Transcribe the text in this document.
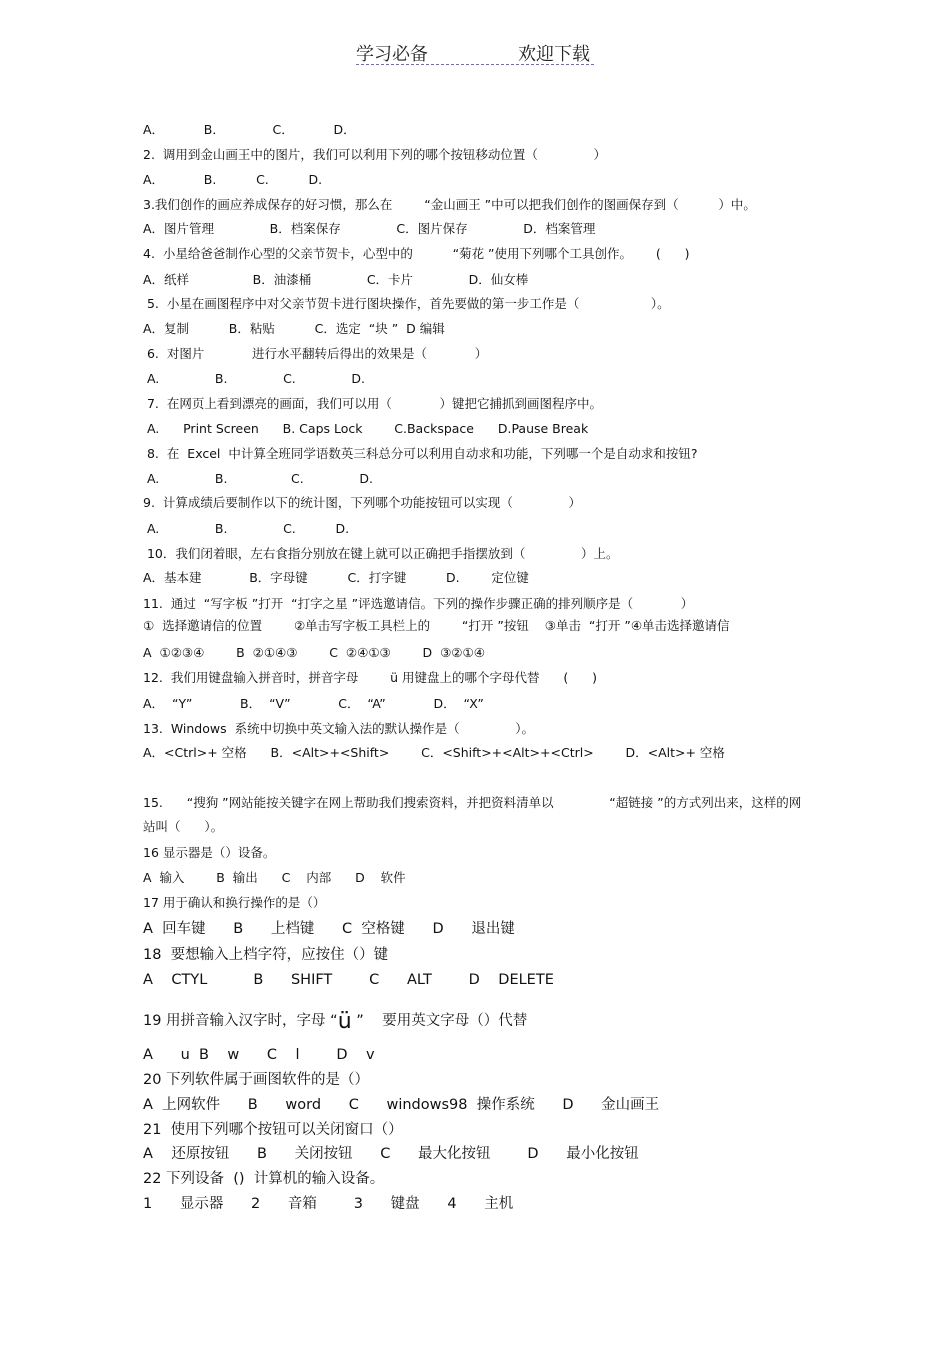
学习必备	欢迎下载
A．          B．            C．          D．
2.  调用到金山画王中的图片，我们可以利用下列的哪个按钮移动位置（              ）
A．          B.          C.          D.
3.我们创作的画应养成保存的好习惯，那么在        “金山画王 ”中可以把我们创作的图画保存到（          ）中。
A．图片管理              B．档案保存              C．图片保存              D．档案管理
4.  小星给爸爸制作心型的父亲节贺卡，心型中的          “菊花 ”使用下列哪个工具创作。      (      )
A．纸样                B．油漆桶              C．卡片              D．仙女棒
5.  小星在画图程序中对父亲节贺卡进行图块操作，首先要做的第一步工作是（                  ）。
A．复制          B．粘贴          C．选定  “块 ”  D 编辑
6.  对图片            进行水平翻转后得出的效果是（            ）
A.              B.              C.              D.
7.  在网页上看到漂亮的画面，我们可以用（            ）键把它捕抓到画图程序中。
A.      Print Screen      B. Caps Lock        C.Backspace      D.Pause Break
8.  在  Excel  中计算全班同学语数英三科总分可以利用自动求和功能，下列哪一个是自动求和按钮?
A.              B.                C.              D.
9.  计算成绩后要制作以下的统计图，下列哪个功能按钮可以实现（              ）
A.              B.              C.          D.
10．我们闭着眼，左右食指分别放在键上就可以正确把手指摆放到（              ）上。
A．基本建            B．字母键          C．打字键          D.        定位键
11.  通过  “写字板 ”打开  “打字之星 ”评选邀请信。下列的操作步骤正确的排列顺序是（            ）
①  选择邀请信的位置        ②单击写字板工具栏上的        “打开 ”按钮    ③单击  “打开 ”④单击选择邀请信
A  ①②③④        B  ②①④③        C  ②④①③        D  ③②①④
12.  我们用键盘输入拼音时，拼音字母        ü 用键盘上的哪个字母代替      (      )
A．  “Y”            B．  “V”            C．  “A”            D．  “X”
13.  Windows  系统中切换中英文输入法的默认操作是（              ）。
A．<Ctrl>+ 空格      B．<Alt>+<Shift>        C．<Shift>+<Alt>+<Ctrl>        D．<Alt>+ 空格
15.      “搜狗 ”网站能按关键字在网上帮助我们搜索资料，并把资料清单以              “超链接 ”的方式列出来，这样的网
站叫（      ）。
16 显示器是（）设备。
A  输入        B  输出      C    内部      D    软件
17 用于确认和换行操作的是（）
A  回车键      B      上档键      C  空格键      D      退出键
18  要想输入上档字符，应按住（）键
A    CTYL          B      SHIFT        C      ALT        D    DELETE
19 用拼音输入汉字时，字母 “ü ”    要用英文字母（）代替
A      u  B    w      C    l        D    v
20 下列软件属于画图软件的是（）
A  上网软件      B      word      C      windows98  操作系统      D      金山画王
21  使用下列哪个按钮可以关闭窗口（）
A    还原按钮      B      关闭按钮      C      最大化按钮        D      最小化按钮
22 下列设备  ()  计算机的输入设备。
1      显示器      2      音箱        3      键盘      4      主机
